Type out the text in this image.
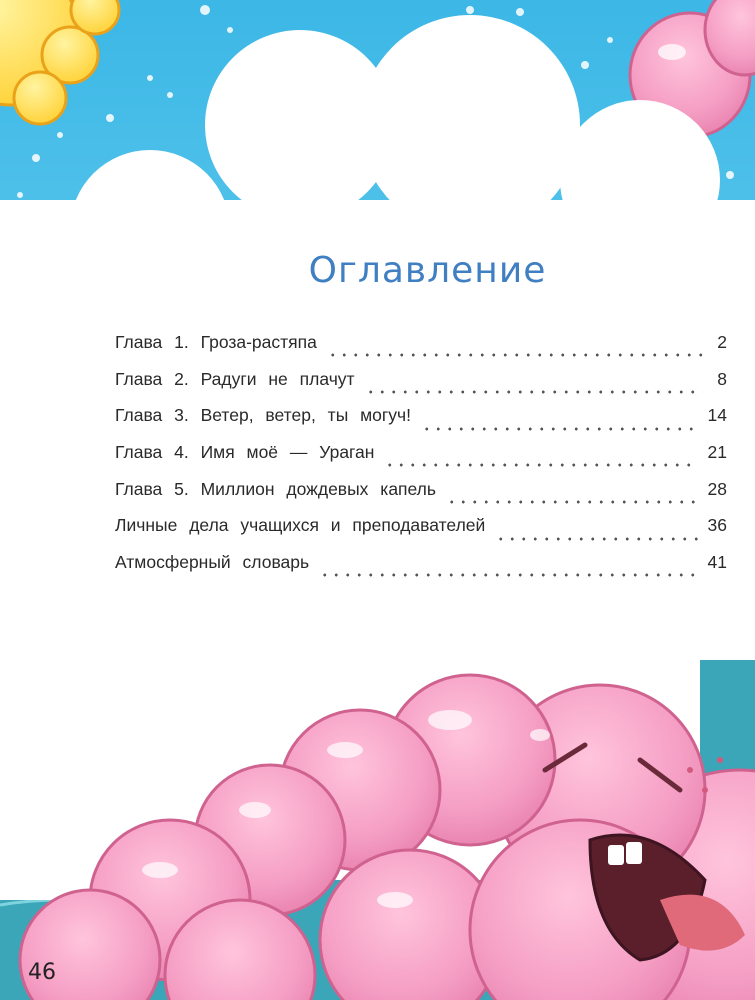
Оглавление
Глава 1. Гроза-растяпа	2
Глава 2. Радуги не плачут	8
Глава 3. Ветер, ветер, ты могуч!	14
Глава 4. Имя моё — Ураган	21
Глава 5. Миллион дождевых капель	28
Личные дела учащихся и преподавателей	36
Атмосферный словарь	41

46
